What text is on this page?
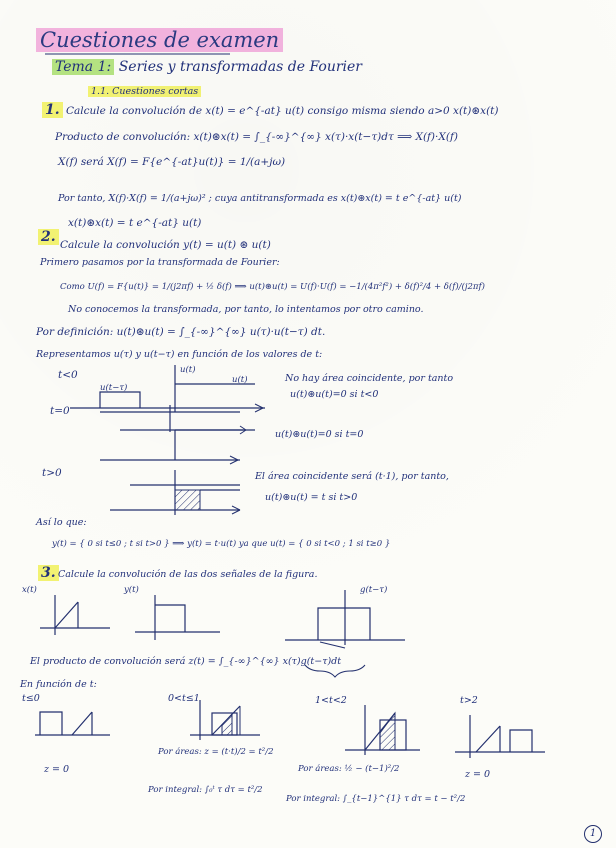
Cuestiones de examen
Tema 1: Series y transformadas de Fourier
1.1. Cuestiones cortas
1. Calcule la convolución de x(t) = e^{-at} u(t) consigo misma siendo a>0 x(t)⊛x(t)
Producto de convolución: x(t)⊛x(t) = ∫_{-∞}^{∞} x(τ)·x(t−τ)dτ ⟹ X(f)·X(f)
X(f) será X(f) = F{e^{-at}u(t)} = 1/(a+jω)
Por tanto, X(f)·X(f) = 1/(a+jω)² ; cuya antitransformada es x(t)⊛x(t) = t e^{-at} u(t)
x(t)⊛x(t) = t e^{-at} u(t)
2. Calcule la convolución y(t) = u(t) ⊛ u(t)
Primero pasamos por la transformada de Fourier:
Como U(f) = F{u(t)} = 1/(j2πf) + ½ δ(f) ⟹ u(t)⊛u(t) = U(f)·U(f) = −1/(4π²f²) + δ(f)²/4 + δ(f)/(j2πf)
No conocemos la transformada, por tanto, lo intentamos por otro camino.
Por definición: u(t)⊛u(t) = ∫_{-∞}^{∞} u(τ)·u(t−τ) dt.
Representamos u(τ) y u(t−τ) en función de los valores de t:
t<0
u(t−τ)
u(t)
u(t)	No hay área coincidente, por tanto
u(t)⊛u(t)=0 si t<0
t=0
u(t)⊛u(t)=0 si t=0
t>0	El área coincidente será (t·1), por tanto,
u(t)⊛u(t) = t si t>0
Así lo que:
y(t) = { 0 si t≤0 ; t si t>0 } ⟹ y(t) = t·u(t) ya que u(t) = { 0 si t<0 ; 1 si t≥0 }
3. Calcule la convolución de las dos señales de la figura.
x(t)	y(t)	g(t−τ)
El producto de convolución será z(t) = ∫_{-∞}^{∞} x(τ)g(t−τ)dt
En función de t:
t≤0
z = 0
0<t≤1
Por áreas: z = (t·t)/2 = t²/2
Por integral: ∫₀ᵗ τ dτ = t²/2
1<t<2
Por áreas: ½ − (t−1)²/2
Por integral: ∫_{t−1}^{1} τ dτ = t − t²/2
t>2
z = 0
1
